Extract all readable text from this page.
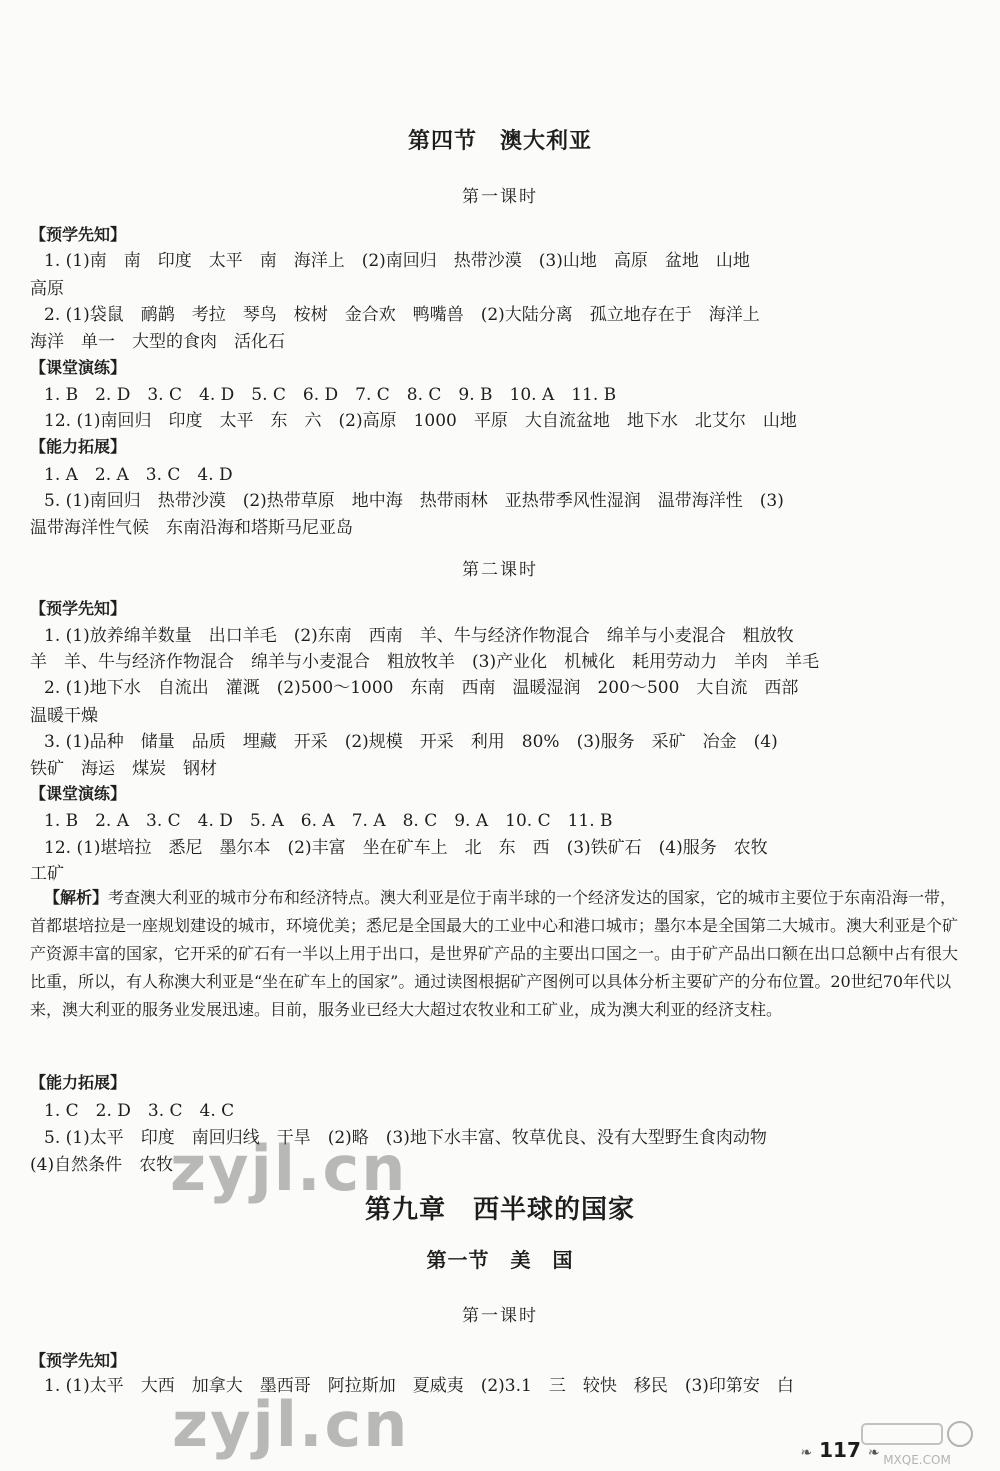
第四节　澳大利亚
第一课时
【预学先知】
1. (1)南　南　印度　太平　南　海洋上　(2)南回归　热带沙漠　(3)山地　高原　盆地　山地
高原
2. (1)袋鼠　鸸鹋　考拉　琴鸟　桉树　金合欢　鸭嘴兽　(2)大陆分离　孤立地存在于　海洋上
海洋　单一　大型的食肉　活化石
【课堂演练】
1. B　2. D　3. C　4. D　5. C　6. D　7. C　8. C　9. B　10. A　11. B
12. (1)南回归　印度　太平　东　六　(2)高原　1000　平原　大自流盆地　地下水　北艾尔　山地
【能力拓展】
1. A　2. A　3. C　4. D
5. (1)南回归　热带沙漠　(2)热带草原　地中海　热带雨林　亚热带季风性湿润　温带海洋性　(3)
温带海洋性气候　东南沿海和塔斯马尼亚岛
第二课时
【预学先知】
1. (1)放养绵羊数量　出口羊毛　(2)东南　西南　羊、牛与经济作物混合　绵羊与小麦混合　粗放牧
羊　羊、牛与经济作物混合　绵羊与小麦混合　粗放牧羊　(3)产业化　机械化　耗用劳动力　羊肉　羊毛
2. (1)地下水　自流出　灌溉　(2)500～1000　东南　西南　温暖湿润　200～500　大自流　西部
温暖干燥
3. (1)品种　储量　品质　埋藏　开采　(2)规模　开采　利用　80%　(3)服务　采矿　冶金　(4)
铁矿　海运　煤炭　钢材
【课堂演练】
1. B　2. A　3. C　4. D　5. A　6. A　7. A　8. C　9. A　10. C　11. B
12. (1)堪培拉　悉尼　墨尔本　(2)丰富　坐在矿车上　北　东　西　(3)铁矿石　(4)服务　农牧
工矿
【解析】考查澳大利亚的城市分布和经济特点。澳大利亚是位于南半球的一个经济发达的国家，它的城市主要位于东南沿海一带，首都堪培拉是一座规划建设的城市，环境优美；悉尼是全国最大的工业中心和港口城市；墨尔本是全国第二大城市。澳大利亚是个矿产资源丰富的国家，它开采的矿石有一半以上用于出口，是世界矿产品的主要出口国之一。由于矿产品出口额在出口总额中占有很大比重，所以，有人称澳大利亚是“坐在矿车上的国家”。通过读图根据矿产图例可以具体分析主要矿产的分布位置。20世纪70年代以来，澳大利亚的服务业发展迅速。目前，服务业已经大大超过农牧业和工矿业，成为澳大利亚的经济支柱。
【能力拓展】
1. C　2. D　3. C　4. C
5. (1)太平　印度　南回归线　干旱　(2)略　(3)地下水丰富、牧草优良、没有大型野生食肉动物
(4)自然条件　农牧
第九章　西半球的国家
第一节　美　国
第一课时
【预学先知】
1. (1)太平　大西　加拿大　墨西哥　阿拉斯加　夏威夷　(2)3.1　三　较快　移民　(3)印第安　白
zyjl.cn
zyjl.cn	MXQE.COM
❧ 117 ❧
